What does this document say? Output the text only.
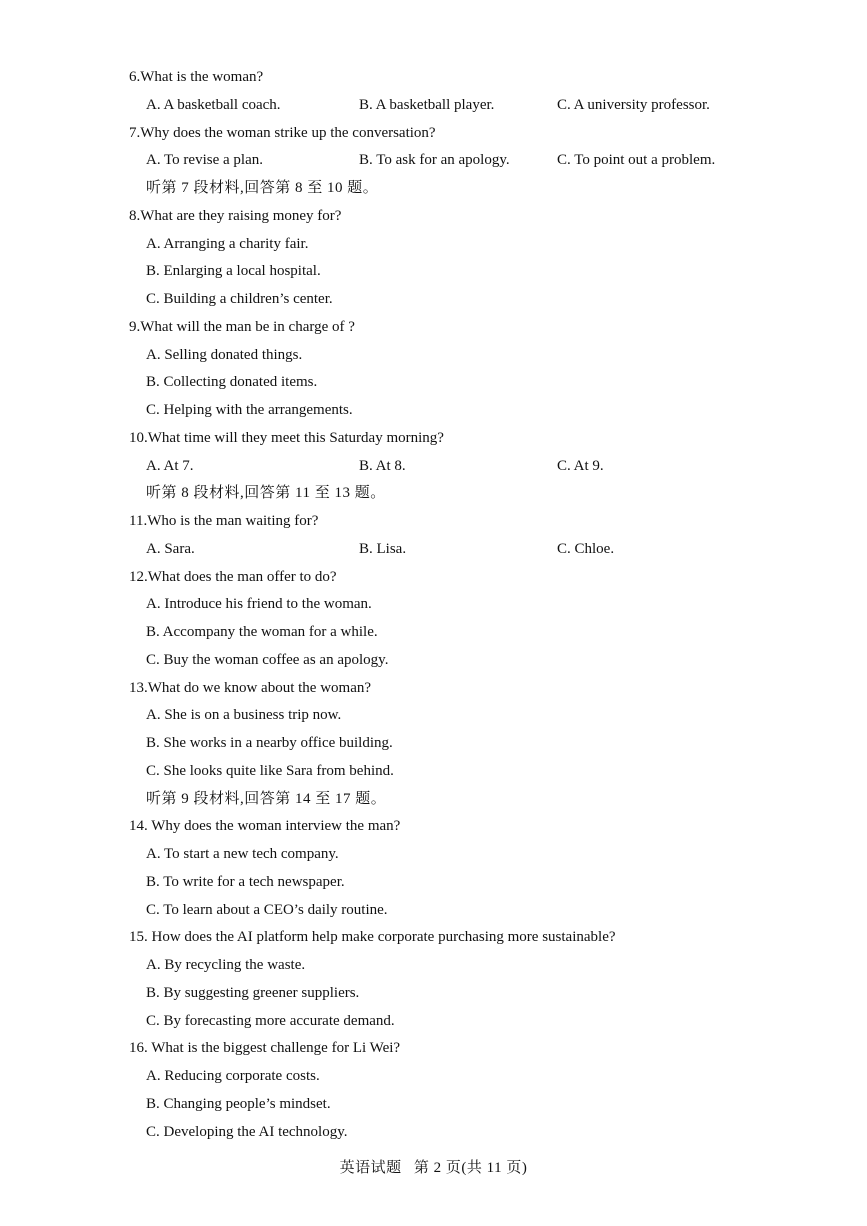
6.What is the woman?
A. A basketball coach.	B. A basketball player.	C. A university professor.
7.Why does the woman strike up the conversation?
A. To revise a plan.	B. To ask for an apology.	C. To point out a problem.
听第 7 段材料,回答第 8 至 10 题。
8.What are they raising money for?
A. Arranging a charity fair.
B. Enlarging a local hospital.
C. Building a children’s center.
9.What will the man be in charge of ?
A. Selling donated things.
B. Collecting donated items.
C. Helping with the arrangements.
10.What time will they meet this Saturday morning?
A. At 7.	B. At 8.	C. At 9.
听第 8 段材料,回答第 11 至 13 题。
11.Who is the man waiting for?
A. Sara.	B. Lisa.	C. Chloe.
12.What does the man offer to do?
A. Introduce his friend to the woman.
B. Accompany the woman for a while.
C. Buy the woman coffee as an apology.
13.What do we know about the woman?
A. She is on a business trip now.
B. She works in a nearby office building.
C. She looks quite like Sara from behind.
听第 9 段材料,回答第 14 至 17 题。
14. Why does the woman interview the man?
A. To start a new tech company.
B. To write for a tech newspaper.
C. To learn about a CEO’s daily routine.
15. How does the AI platform help make corporate purchasing more sustainable?
A. By recycling the waste.
B. By suggesting greener suppliers.
C. By forecasting more accurate demand.
16. What is the biggest challenge for Li Wei?
A. Reducing corporate costs.
B. Changing people’s mindset.
C. Developing the AI technology.
英语试题 第 2 页(共 11 页)
